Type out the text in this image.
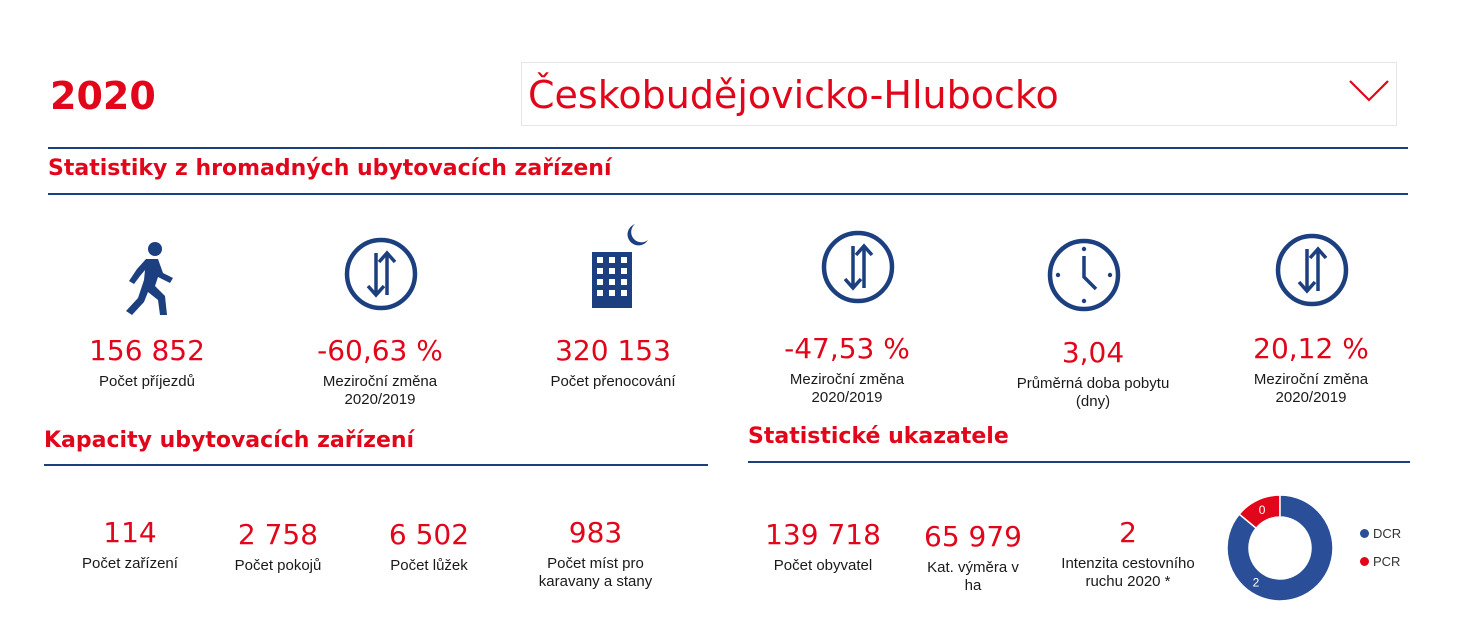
2020	Českobudějovicko-Hlubocko
Statistiky z hromadných ubytovacích zařízení
156 852
Počet příjezdů
-60,63 %
Meziroční změna 2020/2019
320 153
Počet přenocování
-47,53 %
Meziroční změna 2020/2019
3,04
Průměrná doba pobytu (dny)
20,12 %
Meziroční změna 2020/2019
Kapacity ubytovacích zařízení	Statistické ukazatele
114
Počet zařízení
2 758
Počet pokojů
6 502
Počet lůžek
983
Počet míst pro karavany a stany
139 718
Počet obyvatel
65 979
Kat. výměra v ha
2
Intenzita cestovního ruchu 2020 *
0
2
DCR
PCR
